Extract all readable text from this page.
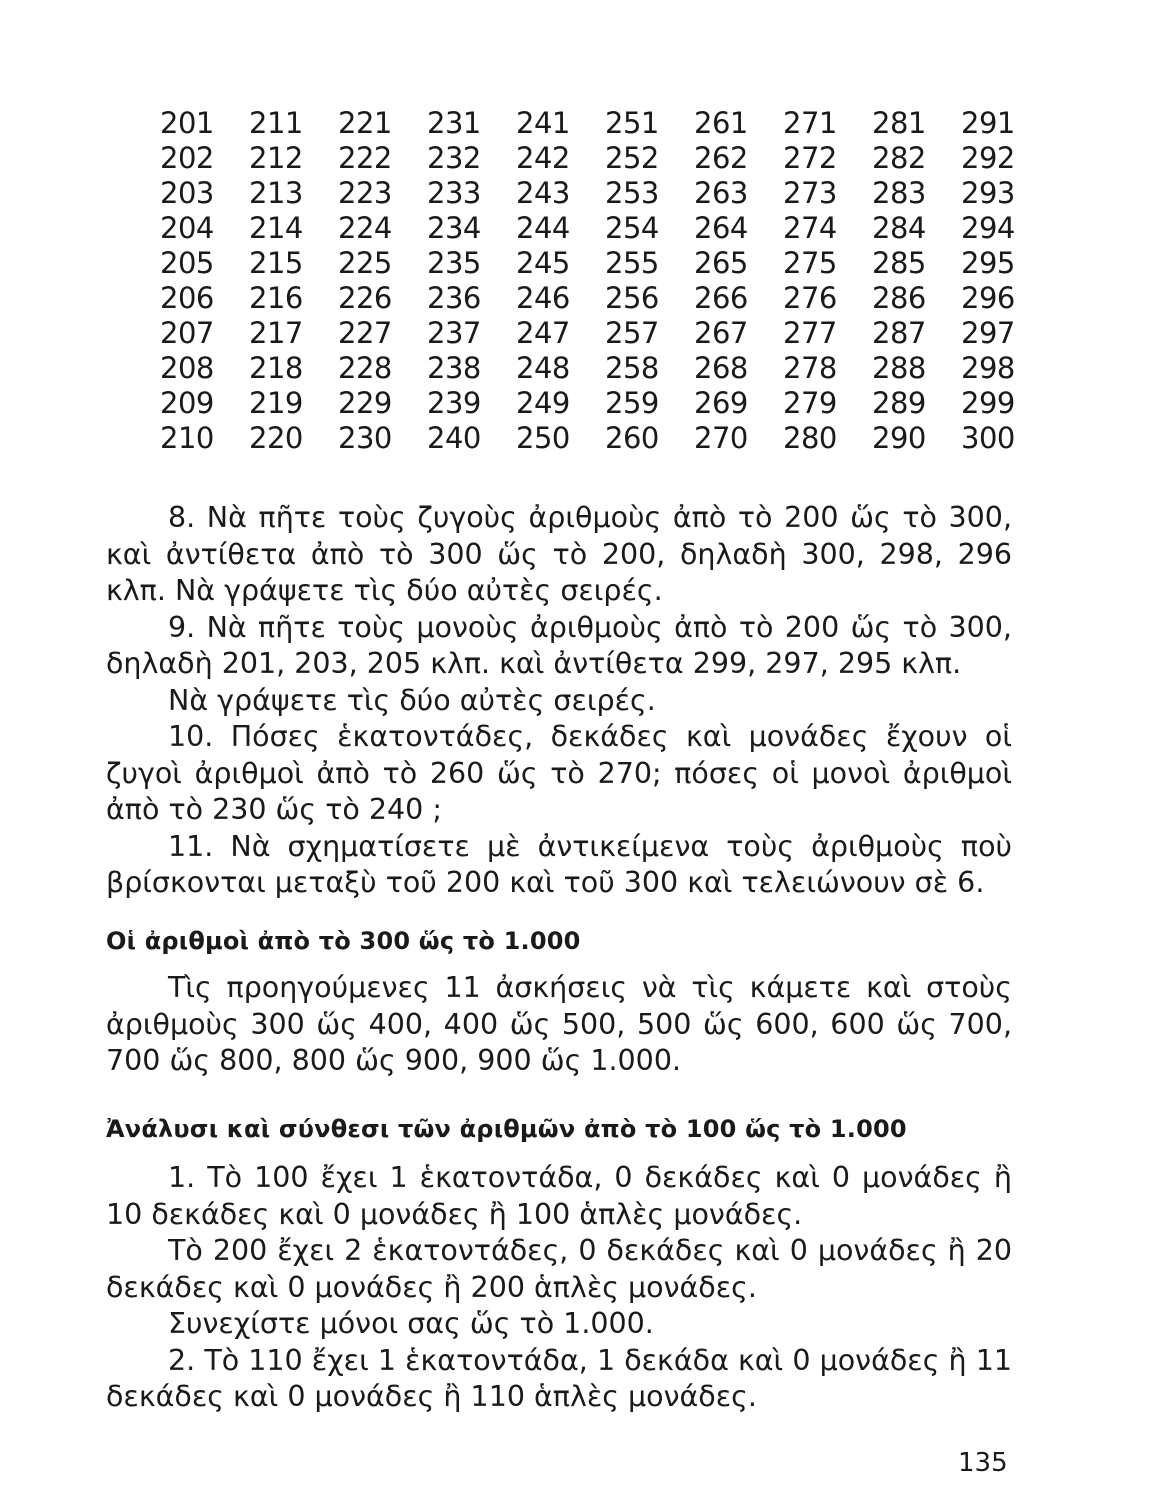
201
202
203
204
205
206
207
208
209
210
211
212
213
214
215
216
217
218
219
220
221
222
223
224
225
226
227
228
229
230
231
232
233
234
235
236
237
238
239
240
241
242
243
244
245
246
247
248
249
250
251
252
253
254
255
256
257
258
259
260
261
262
263
264
265
266
267
268
269
270
271
272
273
274
275
276
277
278
279
280
281
282
283
284
285
286
287
288
289
290
291
292
293
294
295
296
297
298
299
300

8. Νὰ πῆτε τοὺς ζυγοὺς ἀριθμοὺς ἀπὸ τὸ 200 ὥς τὸ 300, καὶ ἀντίθετα ἀπὸ τὸ 300 ὥς τὸ 200, δηλαδὴ 300, 298, 296 κλπ. Νὰ γράψετε τὶς δύο αὐτὲς σειρές.

9. Νὰ πῆτε τοὺς μονοὺς ἀριθμοὺς ἀπὸ τὸ 200 ὥς τὸ 300, δηλαδὴ 201, 203, 205 κλπ. καὶ ἀντίθετα 299, 297, 295 κλπ.

Νὰ γράψετε τὶς δύο αὐτὲς σειρές.

10. Πόσες ἑκατοντάδες, δεκάδες καὶ μονάδες ἔχουν οἱ ζυγοὶ ἀριθμοὶ ἀπὸ τὸ 260 ὥς τὸ 270; πόσες οἱ μονοὶ ἀριθμοὶ ἀπὸ τὸ 230 ὥς τὸ 240 ;

11. Νὰ σχηματίσετε μὲ ἀντικείμενα τοὺς ἀριθμοὺς ποὺ βρίσκονται μεταξὺ τοῦ 200 καὶ τοῦ 300 καὶ τελειώνουν σὲ 6.

Οἱ ἀριθμοὶ ἀπὸ τὸ 300 ὥς τὸ 1.000

Τὶς προηγούμενες 11 ἀσκήσεις νὰ τὶς κάμετε καὶ στοὺς ἀριθμοὺς 300 ὥς 400, 400 ὥς 500, 500 ὥς 600, 600 ὥς 700, 700 ὥς 800, 800 ὥς 900, 900 ὥς 1.000.

Ἀνάλυσι καὶ σύνθεσι τῶν ἀριθμῶν ἀπὸ τὸ 100 ὥς τὸ 1.000

1. Τὸ 100 ἔχει 1 ἑκατοντάδα, 0 δεκάδες καὶ 0 μονάδες ἢ 10 δεκάδες καὶ 0 μονάδες ἢ 100 ἁπλὲς μονάδες.

Τὸ 200 ἔχει 2 ἑκατοντάδες, 0 δεκάδες καὶ 0 μονάδες ἢ 20 δεκάδες καὶ 0 μονάδες ἢ 200 ἁπλὲς μονάδες.

Συνεχίστε μόνοι σας ὥς τὸ 1.000.

2. Τὸ 110 ἔχει 1 ἑκατοντάδα, 1 δεκάδα καὶ 0 μονάδες ἢ 11 δεκάδες καὶ 0 μονάδες ἢ 110 ἁπλὲς μονάδες.

135
